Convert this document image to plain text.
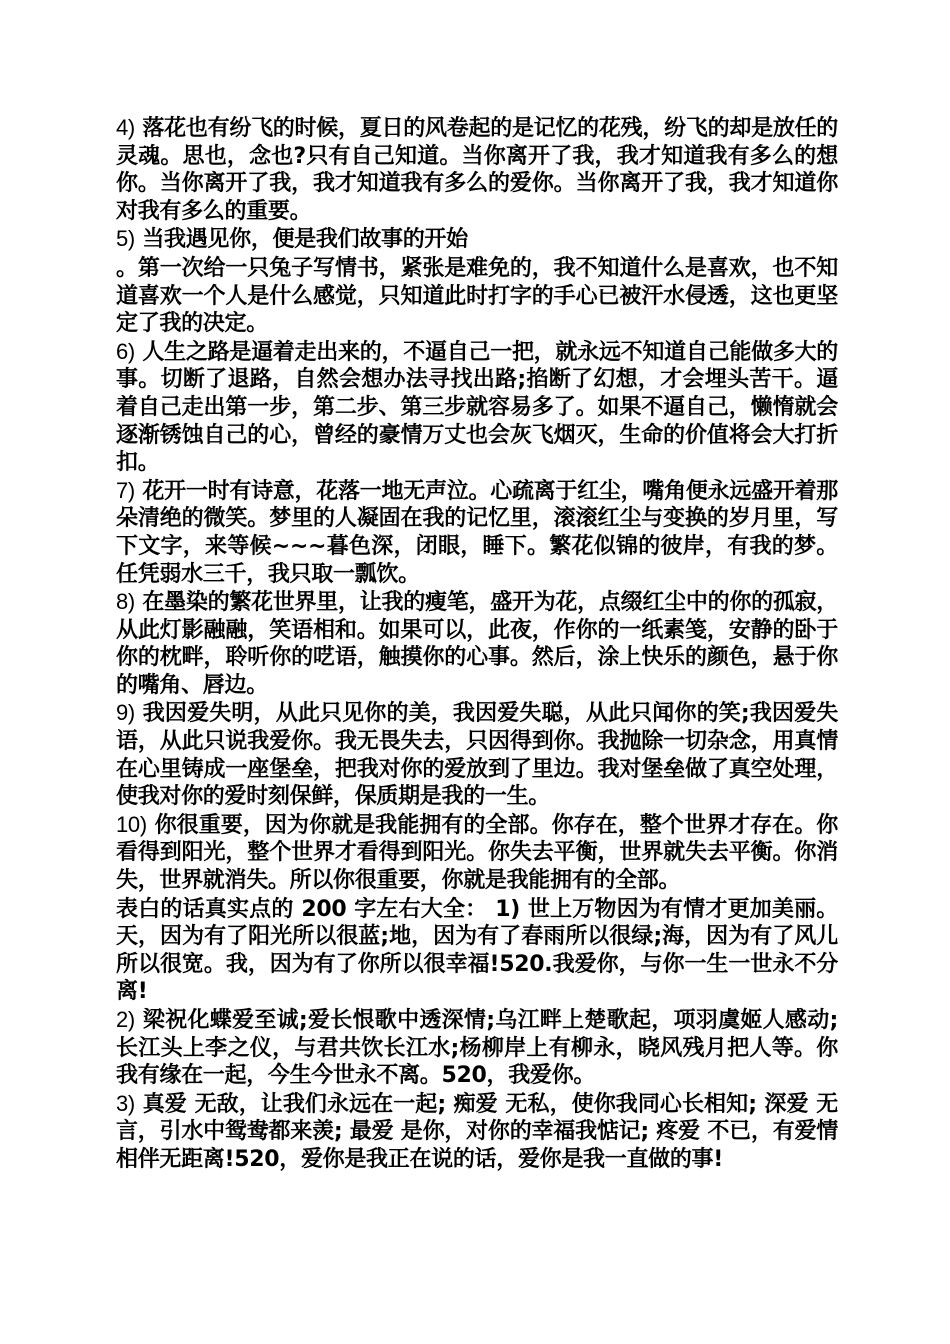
4) 落花也有纷飞的时候，夏日的风卷起的是记忆的花残，纷飞的却是放任的灵魂。思也，念也?只有自己知道。当你离开了我，我才知道我有多么的想你。当你离开了我，我才知道我有多么的爱你。当你离开了我，我才知道你对我有多么的重要。

5) 当我遇见你，便是我们故事的开始

。第一次给一只兔子写情书，紧张是难免的，我不知道什么是喜欢，也不知道喜欢一个人是什么感觉，只知道此时打字的手心已被汗水侵透，这也更坚定了我的决定。

6) 人生之路是逼着走出来的，不逼自己一把，就永远不知道自己能做多大的事。切断了退路，自然会想办法寻找出路;掐断了幻想，才会埋头苦干。逼着自己走出第一步，第二步、第三步就容易多了。如果不逼自己，懒惰就会逐渐锈蚀自己的心，曾经的豪情万丈也会灰飞烟灭，生命的价值将会大打折扣。

7) 花开一时有诗意，花落一地无声泣。心疏离于红尘，嘴角便永远盛开着那朵清绝的微笑。梦里的人凝固在我的记忆里，滚滚红尘与变换的岁月里，写下文字，来等候~~~暮色深，闭眼，睡下。繁花似锦的彼岸，有我的梦。任凭弱水三千，我只取一瓢饮。

8) 在墨染的繁花世界里，让我的瘦笔，盛开为花，点缀红尘中的你的孤寂，从此灯影融融，笑语相和。如果可以，此夜，作你的一纸素笺，安静的卧于你的枕畔，聆听你的呓语，触摸你的心事。然后，涂上快乐的颜色，悬于你的嘴角、唇边。

9) 我因爱失明，从此只见你的美，我因爱失聪，从此只闻你的笑;我因爱失语，从此只说我爱你。我无畏失去，只因得到你。我抛除一切杂念，用真情在心里铸成一座堡垒，把我对你的爱放到了里边。我对堡垒做了真空处理，使我对你的爱时刻保鲜，保质期是我的一生。

10) 你很重要，因为你就是我能拥有的全部。你存在，整个世界才存在。你看得到阳光，整个世界才看得到阳光。你失去平衡，世界就失去平衡。你消失，世界就消失。所以你很重要，你就是我能拥有的全部。

表白的话真实点的 200 字左右大全： 1) 世上万物因为有情才更加美丽。天，因为有了阳光所以很蓝;地，因为有了春雨所以很绿;海，因为有了风儿所以很宽。我，因为有了你所以很幸福!520.我爱你，与你一生一世永不分离!

2) 梁祝化蝶爱至诚;爱长恨歌中透深情;乌江畔上楚歌起，项羽虞姬人感动;长江头上李之仪，与君共饮长江水;杨柳岸上有柳永，晓风残月把人等。你我有缘在一起，今生今世永不离。520，我爱你。

3) 真爱 无敌，让我们永远在一起; 痴爱 无私，使你我同心长相知; 深爱 无言，引水中鸳鸯都来羡; 最爱 是你，对你的幸福我惦记; 疼爱 不已，有爱情相伴无距离!520，爱你是我正在说的话，爱你是我一直做的事!
